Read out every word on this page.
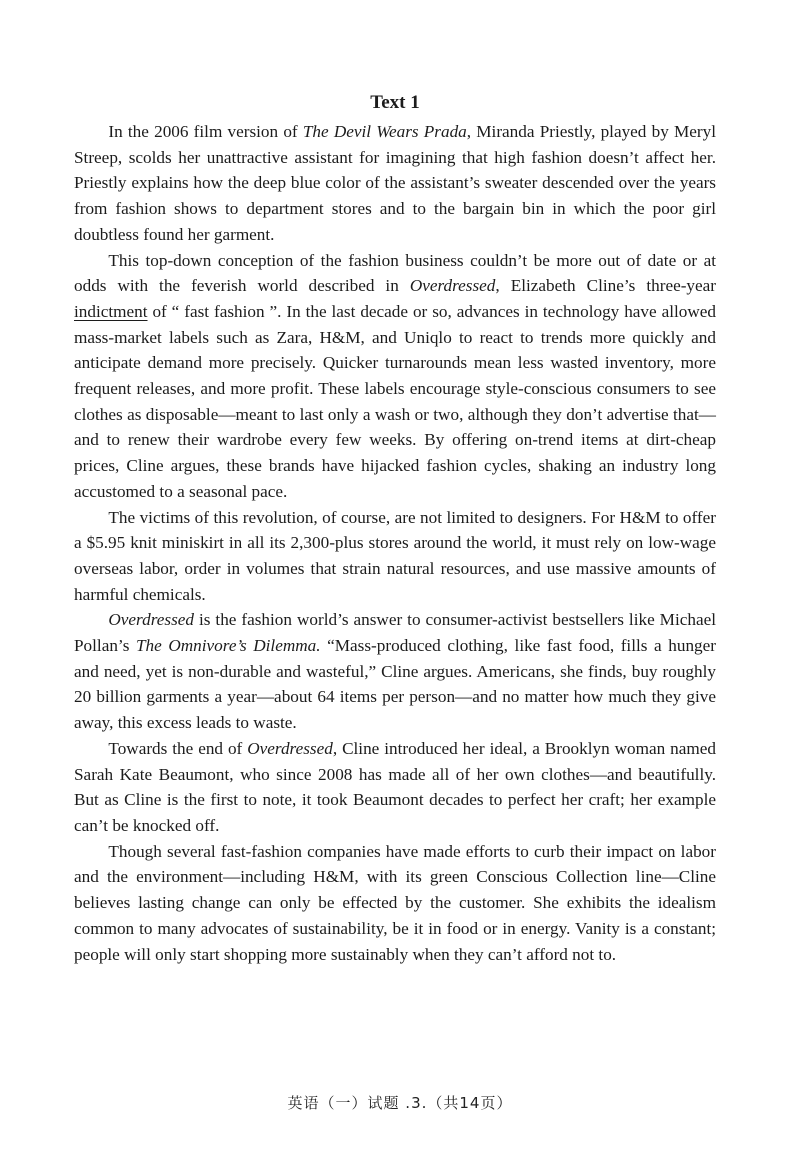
Text 1

In the 2006 film version of The Devil Wears Prada, Miranda Priestly, played by Meryl Streep, scolds her unattractive assistant for imagining that high fashion doesn’t affect her. Priestly explains how the deep blue color of the assistant’s sweater descended over the years from fashion shows to department stores and to the bargain bin in which the poor girl doubtless found her garment.

This top-down conception of the fashion business couldn’t be more out of date or at odds with the feverish world described in Overdressed, Elizabeth Cline’s three-year indictment of “ fast fashion ”. In the last decade or so, advances in technology have allowed mass-market labels such as Zara, H&M, and Uniqlo to react to trends more quickly and anticipate demand more precisely. Quicker turnarounds mean less wasted inventory, more frequent releases, and more profit. These labels encourage style-conscious consumers to see clothes as disposable—meant to last only a wash or two, although they don’t advertise that—and to renew their wardrobe every few weeks. By offering on-trend items at dirt-cheap prices, Cline argues, these brands have hijacked fashion cycles, shaking an industry long accustomed to a seasonal pace.

The victims of this revolution, of course, are not limited to designers. For H&M to offer a $5.95 knit miniskirt in all its 2,300-plus stores around the world, it must rely on low-wage overseas labor, order in volumes that strain natural resources, and use massive amounts of harmful chemicals.

Overdressed is the fashion world’s answer to consumer-activist bestsellers like Michael Pollan’s The Omnivore’s Dilemma. “Mass-produced clothing, like fast food, fills a hunger and need, yet is non-durable and wasteful,” Cline argues. Americans, she finds, buy roughly 20 billion garments a year—about 64 items per person—and no matter how much they give away, this excess leads to waste.

Towards the end of Overdressed, Cline introduced her ideal, a Brooklyn woman named Sarah Kate Beaumont, who since 2008 has made all of her own clothes—and beautifully. But as Cline is the first to note, it took Beaumont decades to perfect her craft; her example can’t be knocked off.

Though several fast-fashion companies have made efforts to curb their impact on labor and the environment—including H&M, with its green Conscious Collection line—Cline believes lasting change can only be effected by the customer. She exhibits the idealism common to many advocates of sustainability, be it in food or in energy. Vanity is a constant; people will only start shopping more sustainably when they can’t afford not to.

英语（一）试题 .3.（共14页）
